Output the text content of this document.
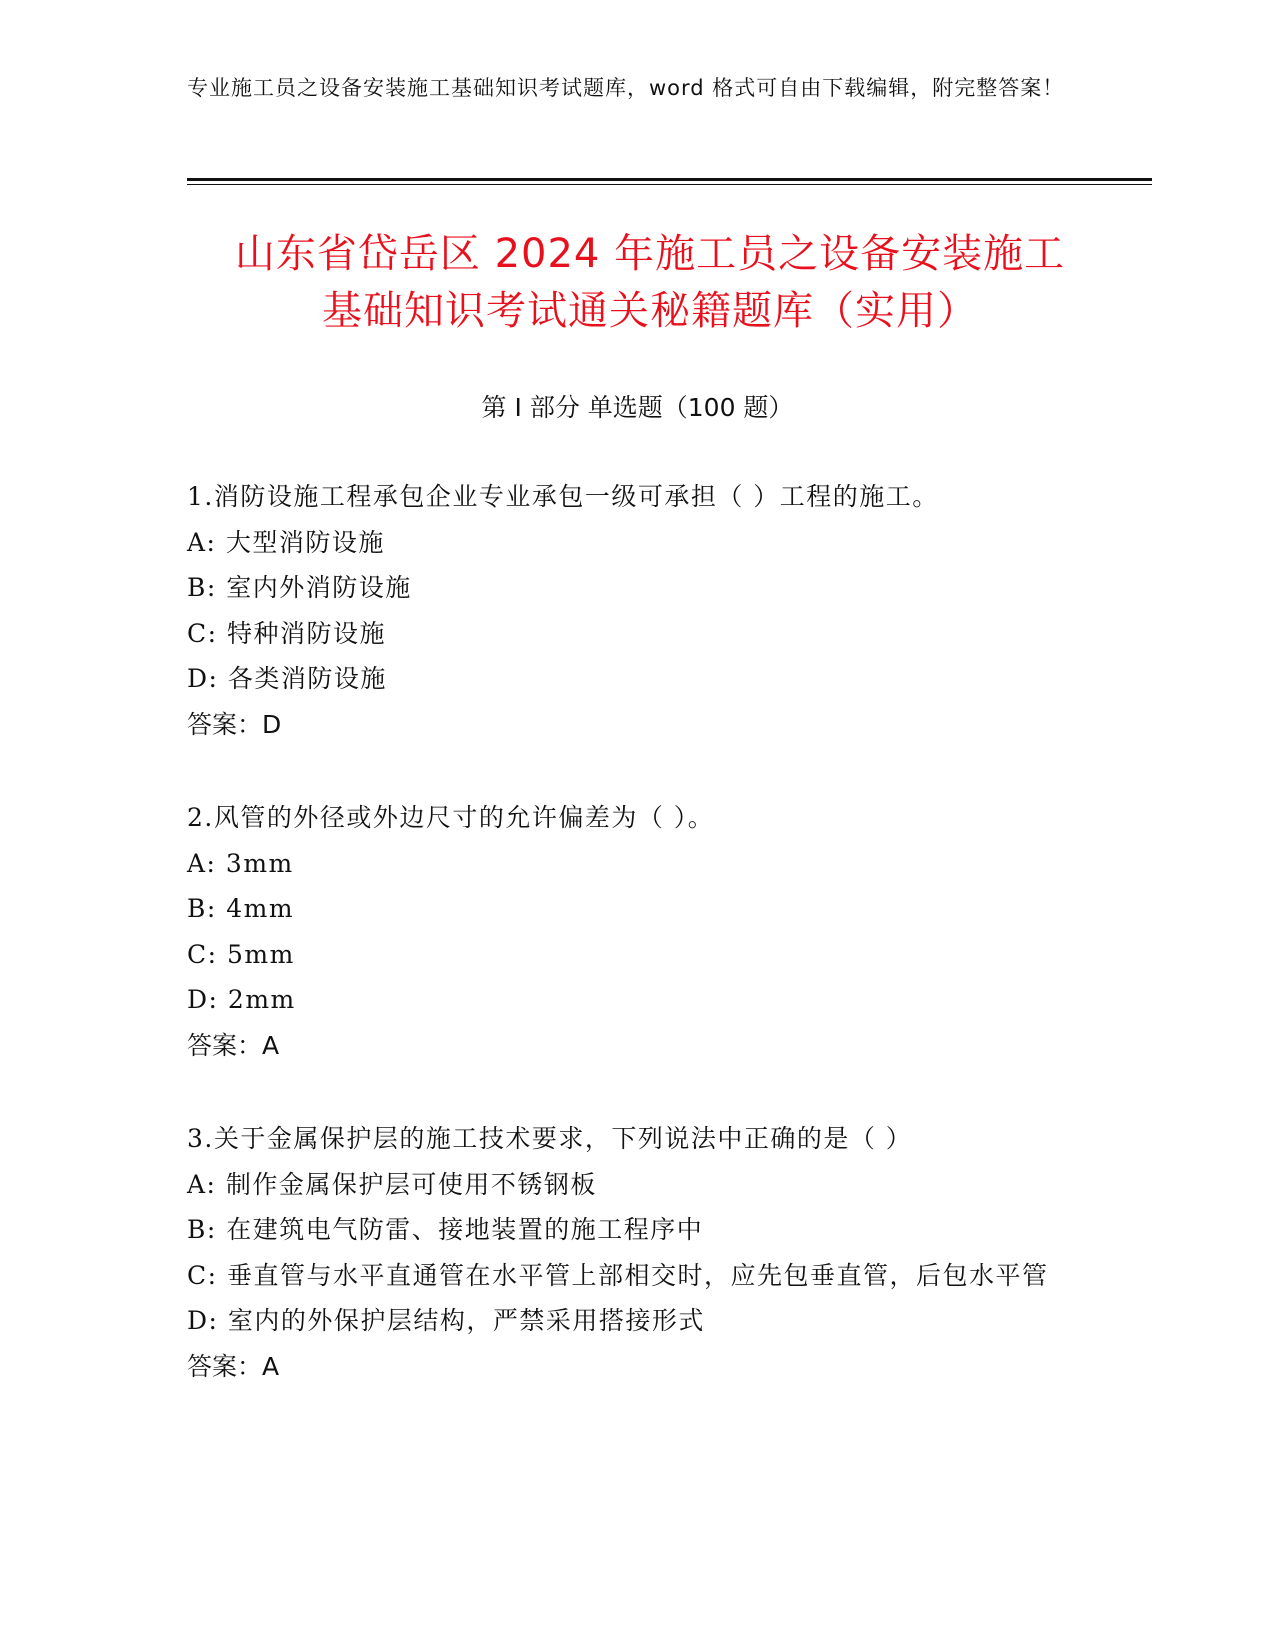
专业施工员之设备安装施工基础知识考试题库，word 格式可自由下载编辑，附完整答案！
山东省岱岳区 2024 年施工员之设备安装施工
基础知识考试通关秘籍题库（实用）
第 I 部分 单选题（100 题）
1.消防设施工程承包企业专业承包一级可承担（ ）工程的施工。
A: 大型消防设施
B: 室内外消防设施
C: 特种消防设施
D: 各类消防设施
答案：D
2.风管的外径或外边尺寸的允许偏差为（ ）。
A: 3mm
B: 4mm
C: 5mm
D: 2mm
答案：A
3.关于金属保护层的施工技术要求，下列说法中正确的是（ ）
A: 制作金属保护层可使用不锈钢板
B: 在建筑电气防雷、接地装置的施工程序中
C: 垂直管与水平直通管在水平管上部相交时，应先包垂直管，后包水平管
D: 室内的外保护层结构，严禁采用搭接形式
答案：A
